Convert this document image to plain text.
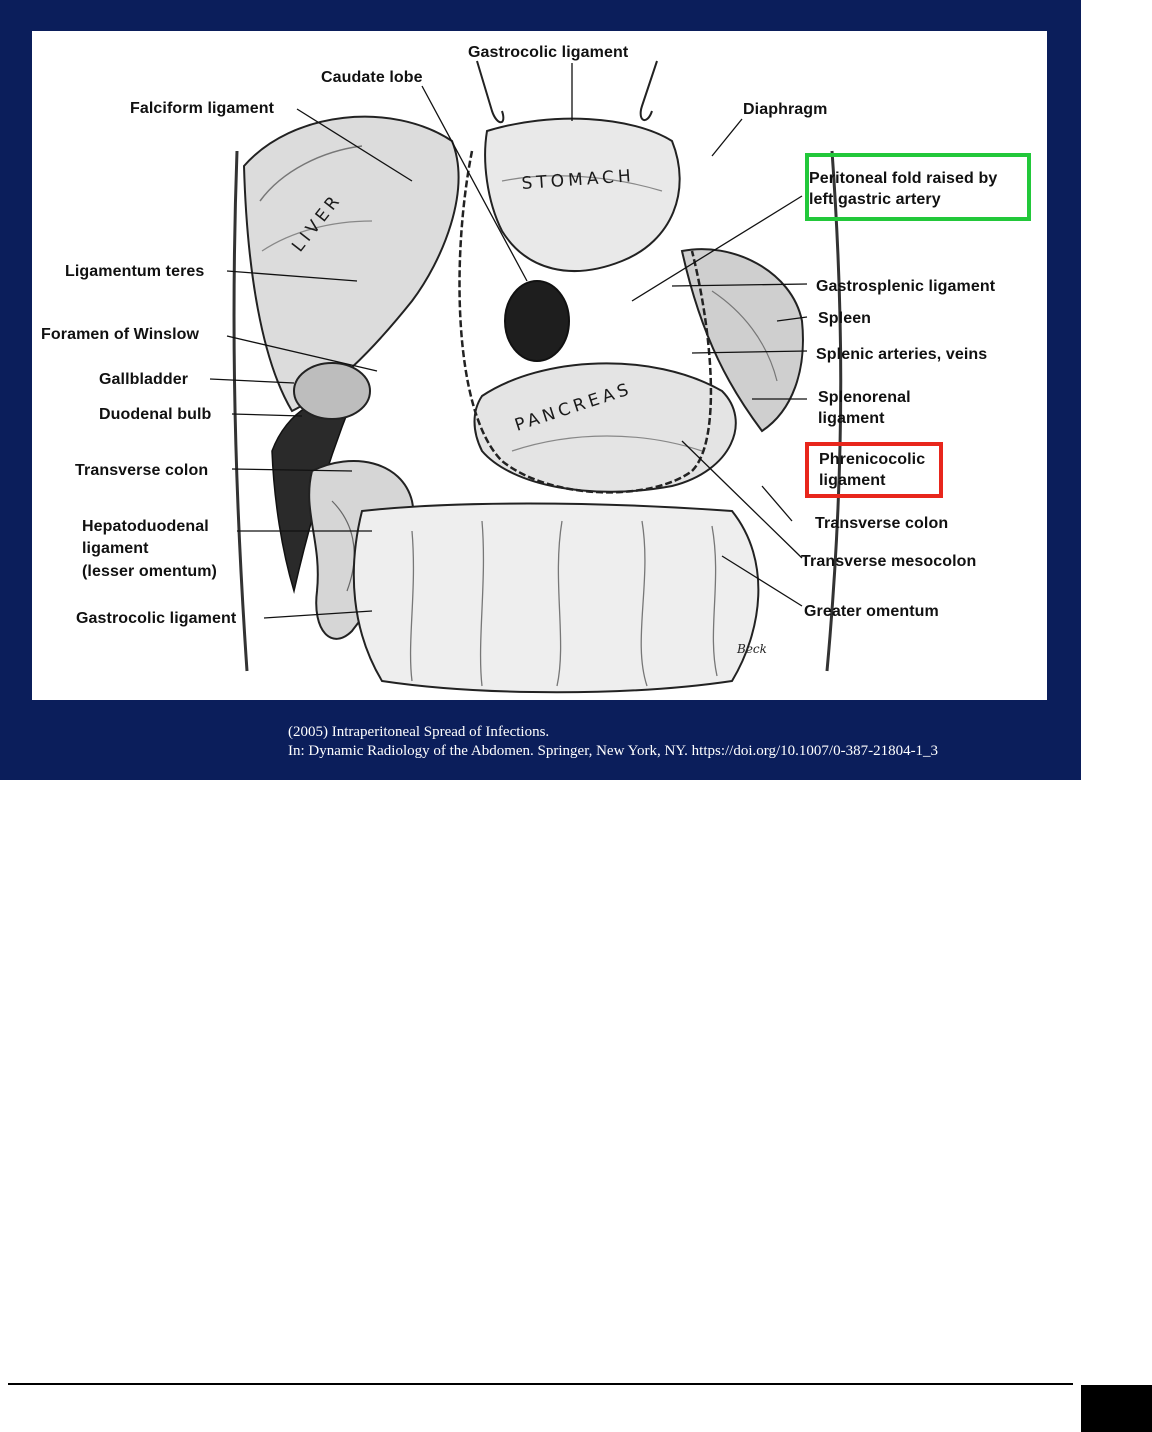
LIVER
STOMACH
PANCREAS
Beck
Gastrocolic ligament
Caudate lobe
Falciform ligament	Diaphragm
Peritoneal fold raised by
left gastric artery
Ligamentum teres
Gastrosplenic ligament
Spleen
Foramen of Winslow
Splenic arteries, veins
Gallbladder
Splenorenal
ligament
Duodenal bulb
Phrenicocolic
ligament
Transverse colon
Transverse colon
Hepatoduodenal
ligament
(lesser omentum)
Transverse mesocolon
Gastrocolic ligament	Greater omentum
(2005) Intraperitoneal Spread of Infections.
In: Dynamic Radiology of the Abdomen. Springer, New York, NY. https://doi.org/10.1007/0-387-21804-1_3
